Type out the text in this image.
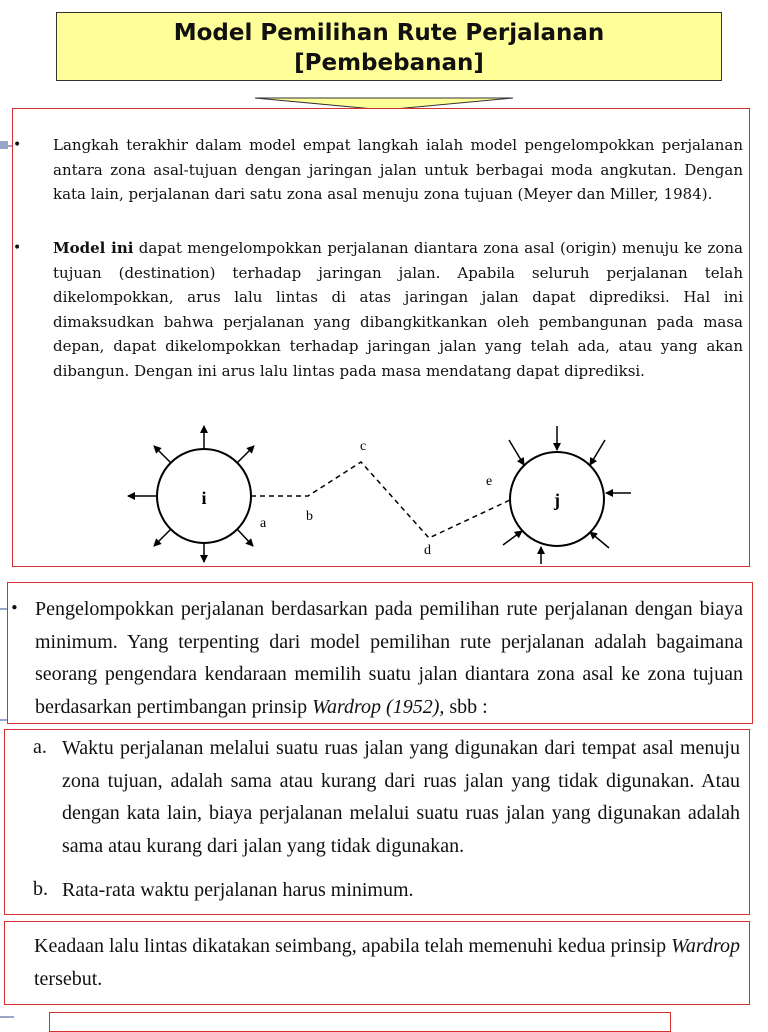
Model Pemilihan Rute Perjalanan
[Pembebanan]

• Langkah terakhir dalam model empat langkah ialah model pengelompokkan perjalanan antara zona asal-tujuan dengan jaringan jalan untuk berbagai moda angkutan. Dengan kata lain, perjalanan dari satu zona asal menuju zona tujuan (Meyer dan Miller, 1984).

• Model ini dapat mengelompokkan perjalanan diantara zona asal (origin) menuju ke zona tujuan (destination) terhadap jaringan jalan. Apabila seluruh perjalanan telah dikelompokkan, arus lalu lintas di atas jaringan jalan dapat diprediksi. Hal ini dimaksudkan bahwa perjalanan yang dibangkitkankan oleh pembangunan pada masa depan, dapat dikelompokkan terhadap jaringan jalan yang telah ada, atau yang akan dibangun. Dengan ini arus lalu lintas pada masa mendatang dapat diprediksi.

i	j
a	b
c
d
e
• Pengelompokkan perjalanan berdasarkan pada pemilihan rute perjalanan dengan biaya minimum. Yang terpenting dari model pemilihan rute perjalanan adalah bagaimana seorang pengendara kendaraan memilih suatu jalan diantara zona asal ke zona tujuan berdasarkan pertimbangan prinsip Wardrop (1952), sbb :

a. Waktu perjalanan melalui suatu ruas jalan yang digunakan dari tempat asal menuju zona tujuan, adalah sama atau kurang dari ruas jalan yang tidak digunakan. Atau dengan kata lain, biaya perjalanan melalui suatu ruas jalan yang digunakan adalah sama atau kurang dari jalan yang tidak digunakan.

b. Rata-rata waktu perjalanan harus minimum.

Keadaan lalu lintas dikatakan seimbang, apabila telah memenuhi kedua prinsip Wardrop tersebut.
